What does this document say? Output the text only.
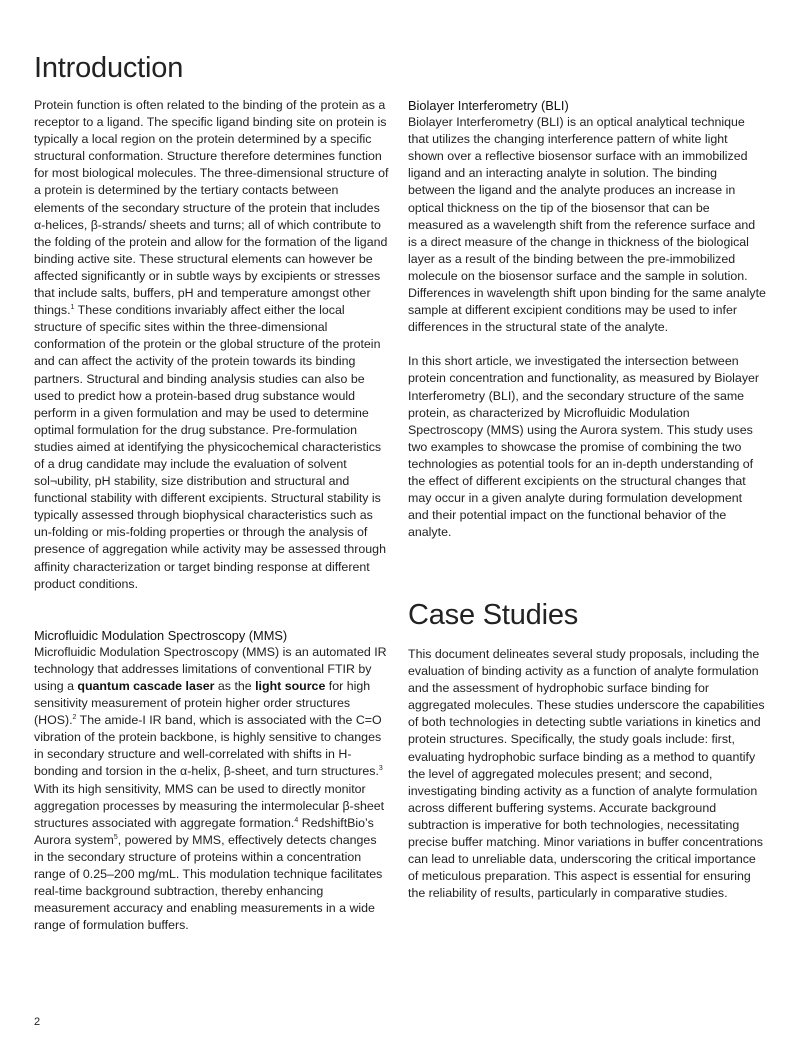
Introduction

Protein function is often related to the binding of the protein as a receptor to a ligand. The specific ligand binding site on protein is typically a local region on the protein determined by a specific structural conformation. Structure therefore determines function for most biological molecules. The three-dimensional structure of a protein is determined by the tertiary contacts between elements of the secondary structure of the protein that includes α-helices, β-strands/ sheets and turns; all of which contribute to the folding of the protein and allow for the formation of the ligand binding active site. These structural elements can however be affected significantly or in subtle ways by excipients or stresses that include salts, buffers, pH and temperature amongst other things.$^1$ These conditions invariably affect either the local structure of specific sites within the three-dimensional conformation of the protein or the global structure of the protein and can affect the activity of the protein towards its binding partners. Structural and binding analysis studies can also be used to predict how a protein-based drug substance would perform in a given formulation and may be used to determine optimal formulation for the drug substance. Pre-formulation studies aimed at identifying the physicochemical characteristics of a drug candidate may include the evaluation of solvent sol¬ubility, pH stability, size distribution and structural and functional stability with different excipients. Structural stability is typically assessed through biophysical characteristics such as un-folding or mis-folding properties or through the analysis of presence of aggregation while activity may be assessed through affinity characterization or target binding response at different product conditions.

Microfluidic Modulation Spectroscopy (MMS)

Microfluidic Modulation Spectroscopy (MMS) is an automated IR technology that addresses limitations of conventional FTIR by using a quantum cascade laser as the light source for high sensitivity measurement of protein higher order structures (HOS).$^2$ The amide-I IR band, which is associated with the C=O vibration of the protein backbone, is highly sensitive to changes in secondary structure and well-correlated with shifts in H-bonding and torsion in the α-helix, β-sheet, and turn structures.$^3$ With its high sensitivity, MMS can be used to directly monitor aggregation processes by measuring the intermolecular β-sheet structures associated with aggregate formation.$^4$ RedshiftBio’s Aurora system$^5$, powered by MMS, effectively detects changes in the secondary structure of proteins within a concentration range of 0.25–200 mg/mL. This modulation technique facilitates real-time background subtraction, thereby enhancing measurement accuracy and enabling measurements in a wide range of formulation buffers.

Biolayer Interferometry (BLI)

Biolayer Interferometry (BLI) is an optical analytical technique that utilizes the changing interference pattern of white light shown over a reflective biosensor surface with an immobilized ligand and an interacting analyte in solution. The binding between the ligand and the analyte produces an increase in optical thickness on the tip of the biosensor that can be measured as a wavelength shift from the reference surface and is a direct measure of the change in thickness of the biological layer as a result of the binding between the pre-immobilized molecule on the biosensor surface and the sample in solution. Differences in wavelength shift upon binding for the same analyte sample at different excipient conditions may be used to infer differences in the structural state of the analyte.

In this short article, we investigated the intersection between protein concentration and functionality, as measured by Biolayer Interferometry (BLI), and the secondary structure of the same protein, as characterized by Microfluidic Modulation Spectroscopy (MMS) using the Aurora system. This study uses two examples to showcase the promise of combining the two technologies as potential tools for an in-depth understanding of the effect of different excipients on the structural changes that may occur in a given analyte during formulation development and their potential impact on the functional behavior of the analyte.

Case Studies

This document delineates several study proposals, including the evaluation of binding activity as a function of analyte formulation and the assessment of hydrophobic surface binding for aggregated molecules. These studies underscore the capabilities of both technologies in detecting subtle variations in kinetics and protein structures. Specifically, the study goals include: first, evaluating hydrophobic surface binding as a method to quantify the level of aggregated molecules present; and second, investigating binding activity as a function of analyte formulation across different buffering systems. Accurate background subtraction is imperative for both technologies, necessitating precise buffer matching. Minor variations in buffer concentrations can lead to unreliable data, underscoring the critical importance of meticulous preparation. This aspect is essential for ensuring the reliability of results, particularly in comparative studies.

2
